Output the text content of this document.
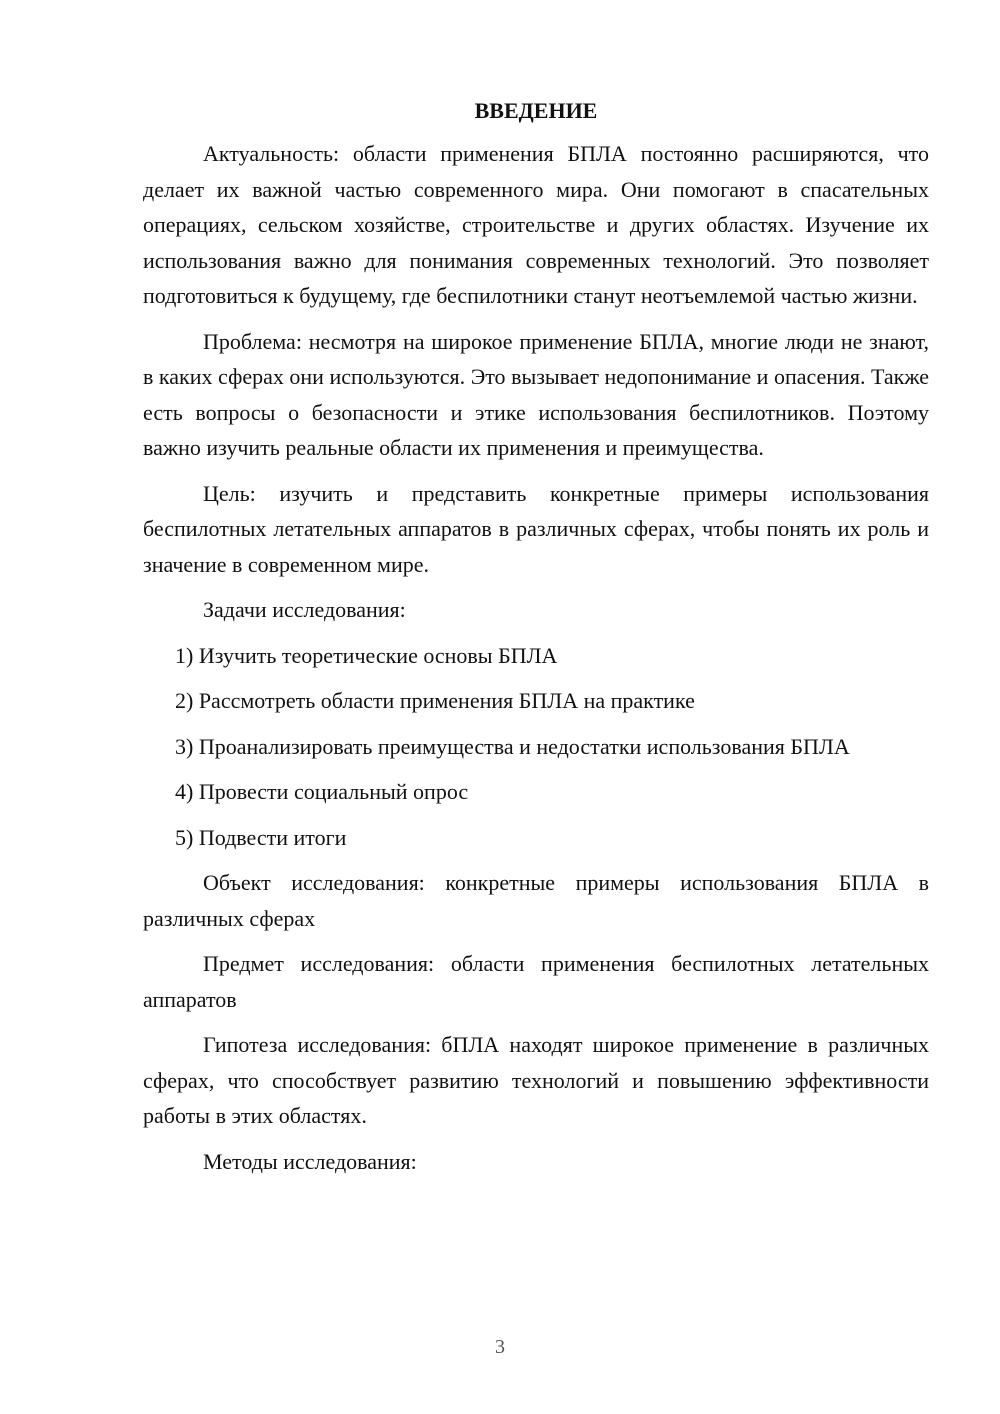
ВВЕДЕНИЕ

Актуальность: области применения БПЛА постоянно расширяются, что делает их важной частью современного мира. Они помогают в спасательных операциях, сельском хозяйстве, строительстве и других областях. Изучение их использования важно для понимания современных технологий. Это позволяет подготовиться к будущему, где беспилотники станут неотъемлемой частью жизни.

Проблема: несмотря на широкое применение БПЛА, многие люди не знают, в каких сферах они используются. Это вызывает недопонимание и опасения. Также есть вопросы о безопасности и этике использования беспилотников. Поэтому важно изучить реальные области их применения и преимущества.

Цель: изучить и представить конкретные примеры использования беспилотных летательных аппаратов в различных сферах, чтобы понять их роль и значение в современном мире.

Задачи исследования:

1) Изучить теоретические основы БПЛА

2) Рассмотреть области применения БПЛА на практике

3) Проанализировать преимущества и недостатки использования БПЛА

4) Провести социальный опрос

5) Подвести итоги

Объект исследования: конкретные примеры использования БПЛА в различных сферах

Предмет исследования: области применения беспилотных летательных аппаратов

Гипотеза исследования: бПЛА находят широкое применение в различных сферах, что способствует развитию технологий и повышению эффективности работы в этих областях.

Методы исследования:

3
